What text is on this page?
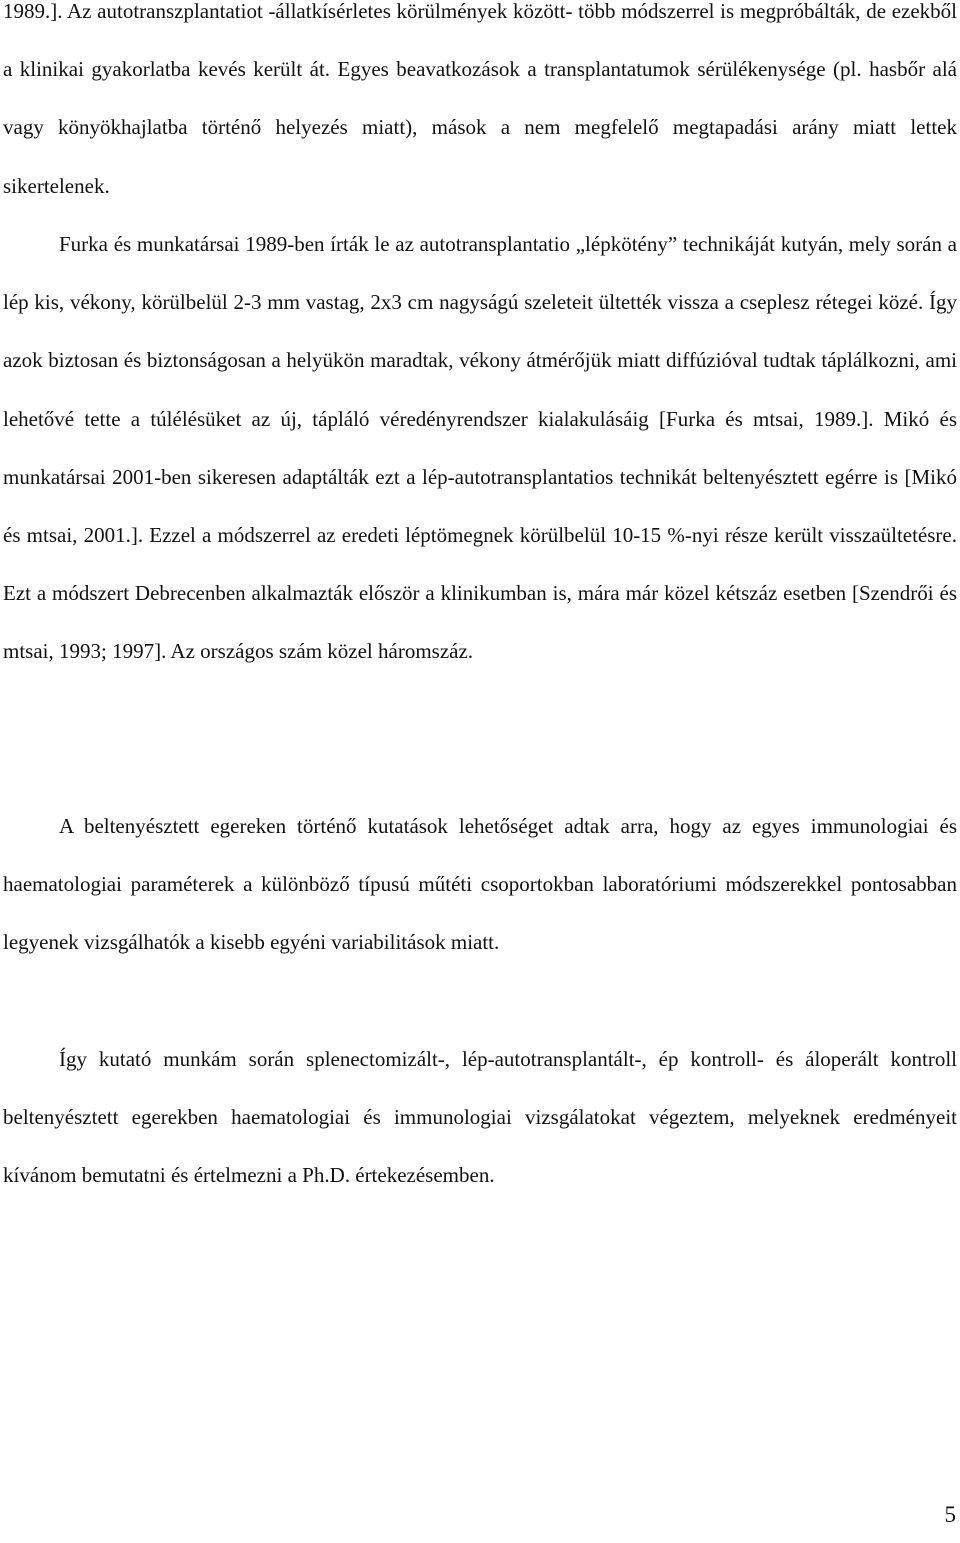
1989.]. Az autotranszplantatiot -állatkísérletes körülmények között- több módszerrel is megpróbálták, de ezekből a klinikai gyakorlatba kevés került át. Egyes beavatkozások a transplantatumok sérülékenysége (pl. hasbőr alá vagy könyökhajlatba történő helyezés miatt), mások a nem megfelelő megtapadási arány miatt lettek sikertelenek.

Furka és munkatársai 1989-ben írták le az autotransplantatio „lépkötény” technikáját kutyán, mely során a lép kis, vékony, körülbelül 2-3 mm vastag, 2x3 cm nagyságú szeleteit ültették vissza a cseplesz rétegei közé. Így azok biztosan és biztonságosan a helyükön maradtak, vékony átmérőjük miatt diffúzióval tudtak táplálkozni, ami lehetővé tette a túlélésüket az új, tápláló véredényrendszer kialakulásáig [Furka és mtsai, 1989.]. Mikó és munkatársai 2001-ben sikeresen adaptálták ezt a lép-autotransplantatios technikát beltenyésztett egérre is [Mikó és mtsai, 2001.]. Ezzel a módszerrel az eredeti léptömegnek körülbelül 10-15 %-nyi része került visszaültetésre. Ezt a módszert Debrecenben alkalmazták először a klinikumban is, mára már közel kétszáz esetben [Szendrői és mtsai, 1993; 1997]. Az országos szám közel háromszáz.

A beltenyésztett egereken történő kutatások lehetőséget adtak arra, hogy az egyes immunologiai és haematologiai paraméterek a különböző típusú műtéti csoportokban laboratóriumi módszerekkel pontosabban legyenek vizsgálhatók a kisebb egyéni variabilitások miatt.

Így kutató munkám során splenectomizált-, lép-autotransplantált-, ép kontroll- és áloperált kontroll beltenyésztett egerekben haematologiai és immunologiai vizsgálatokat végeztem, melyeknek eredményeit kívánom bemutatni és értelmezni a Ph.D. értekezésemben.

5
